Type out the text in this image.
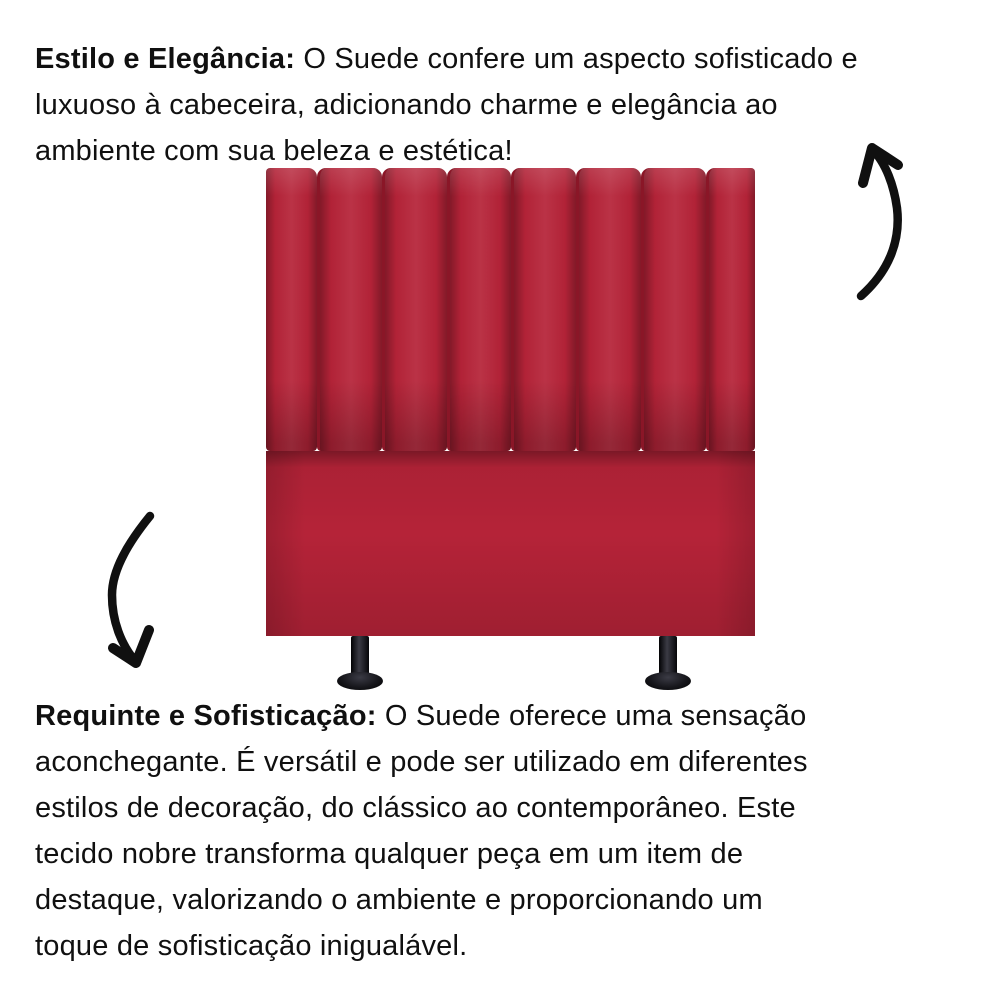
Estilo e Elegância: O Suede confere um aspecto sofisticado e
luxuoso à cabeceira, adicionando charme e elegância ao
ambiente com sua beleza e estética!

Requinte e Sofisticação: O Suede oferece uma sensação
aconchegante. É versátil e pode ser utilizado em diferentes
estilos de decoração, do clássico ao contemporâneo. Este
tecido nobre transforma qualquer peça em um item de
destaque, valorizando o ambiente e proporcionando um
toque de sofisticação inigualável.
